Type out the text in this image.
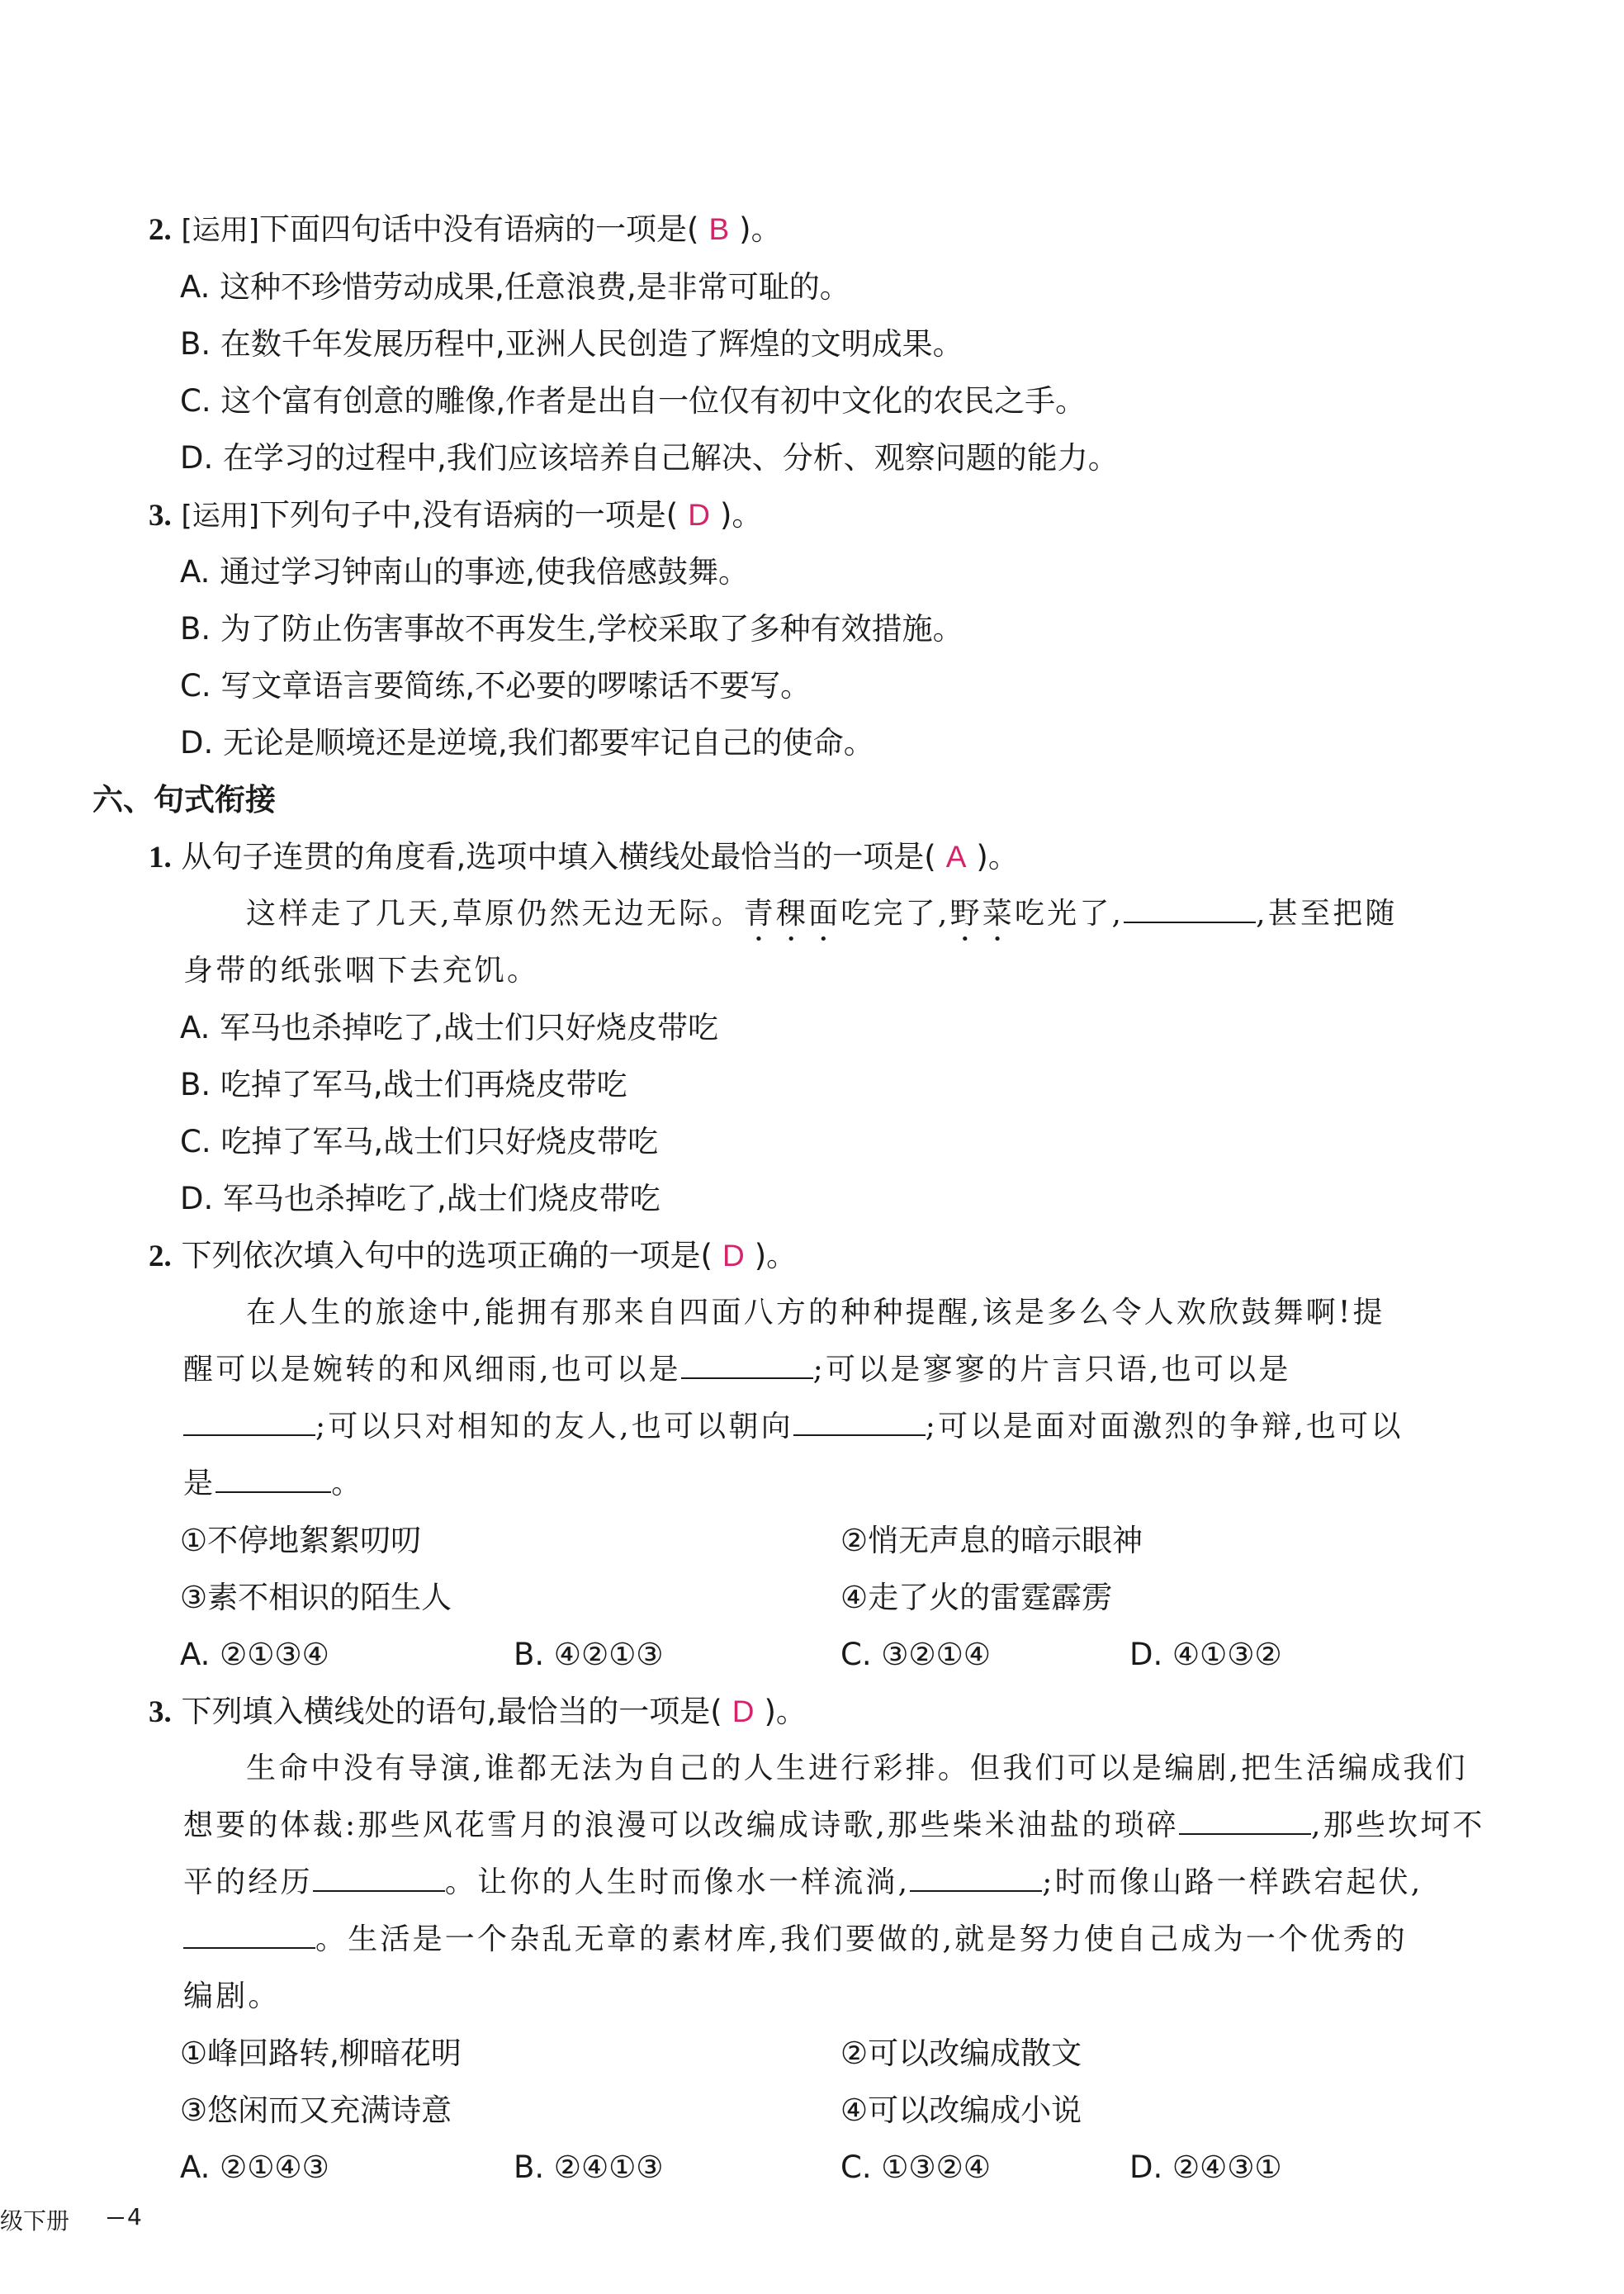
2. [运用]下面四句话中没有语病的一项是( B )。
A. 这种不珍惜劳动成果,任意浪费,是非常可耻的。
B. 在数千年发展历程中,亚洲人民创造了辉煌的文明成果。
C. 这个富有创意的雕像,作者是出自一位仅有初中文化的农民之手。
D. 在学习的过程中,我们应该培养自己解决、分析、观察问题的能力。
3. [运用]下列句子中,没有语病的一项是( D )。
A. 通过学习钟南山的事迹,使我倍感鼓舞。
B. 为了防止伤害事故不再发生,学校采取了多种有效措施。
C. 写文章语言要简练,不必要的啰嗦话不要写。
D. 无论是顺境还是逆境,我们都要牢记自己的使命。
六、句式衔接
1. 从句子连贯的角度看,选项中填入横线处最恰当的一项是( A )。
这样走了几天,草原仍然无边无际。青稞面吃完了,野菜吃光了,	,甚至把随
身带的纸张咽下去充饥。
A. 军马也杀掉吃了,战士们只好烧皮带吃
B. 吃掉了军马,战士们再烧皮带吃
C. 吃掉了军马,战士们只好烧皮带吃
D. 军马也杀掉吃了,战士们烧皮带吃
2. 下列依次填入句中的选项正确的一项是( D )。
在人生的旅途中,能拥有那来自四面八方的种种提醒,该是多么令人欢欣鼓舞啊!提
醒可以是婉转的和风细雨,也可以是	;可以是寥寥的片言只语,也可以是
;可以只对相知的友人,也可以朝向	;可以是面对面激烈的争辩,也可以
是	。
①不停地絮絮叨叨	②悄无声息的暗示眼神
③素不相识的陌生人	④走了火的雷霆霹雳
A. ②①③④	B. ④②①③	C. ③②①④	D. ④①③②
3. 下列填入横线处的语句,最恰当的一项是( D )。
生命中没有导演,谁都无法为自己的人生进行彩排。但我们可以是编剧,把生活编成我们
想要的体裁:那些风花雪月的浪漫可以改编成诗歌,那些柴米油盐的琐碎	,那些坎坷不
平的经历	。让你的人生时而像水一样流淌,	;时而像山路一样跌宕起伏,
。生活是一个杂乱无章的素材库,我们要做的,就是努力使自己成为一个优秀的
编剧。
①峰回路转,柳暗花明	②可以改编成散文
③悠闲而又充满诗意	④可以改编成小说
A. ②①④③	B. ②④①③	C. ①③②④	D. ②④③①
级下册	4
